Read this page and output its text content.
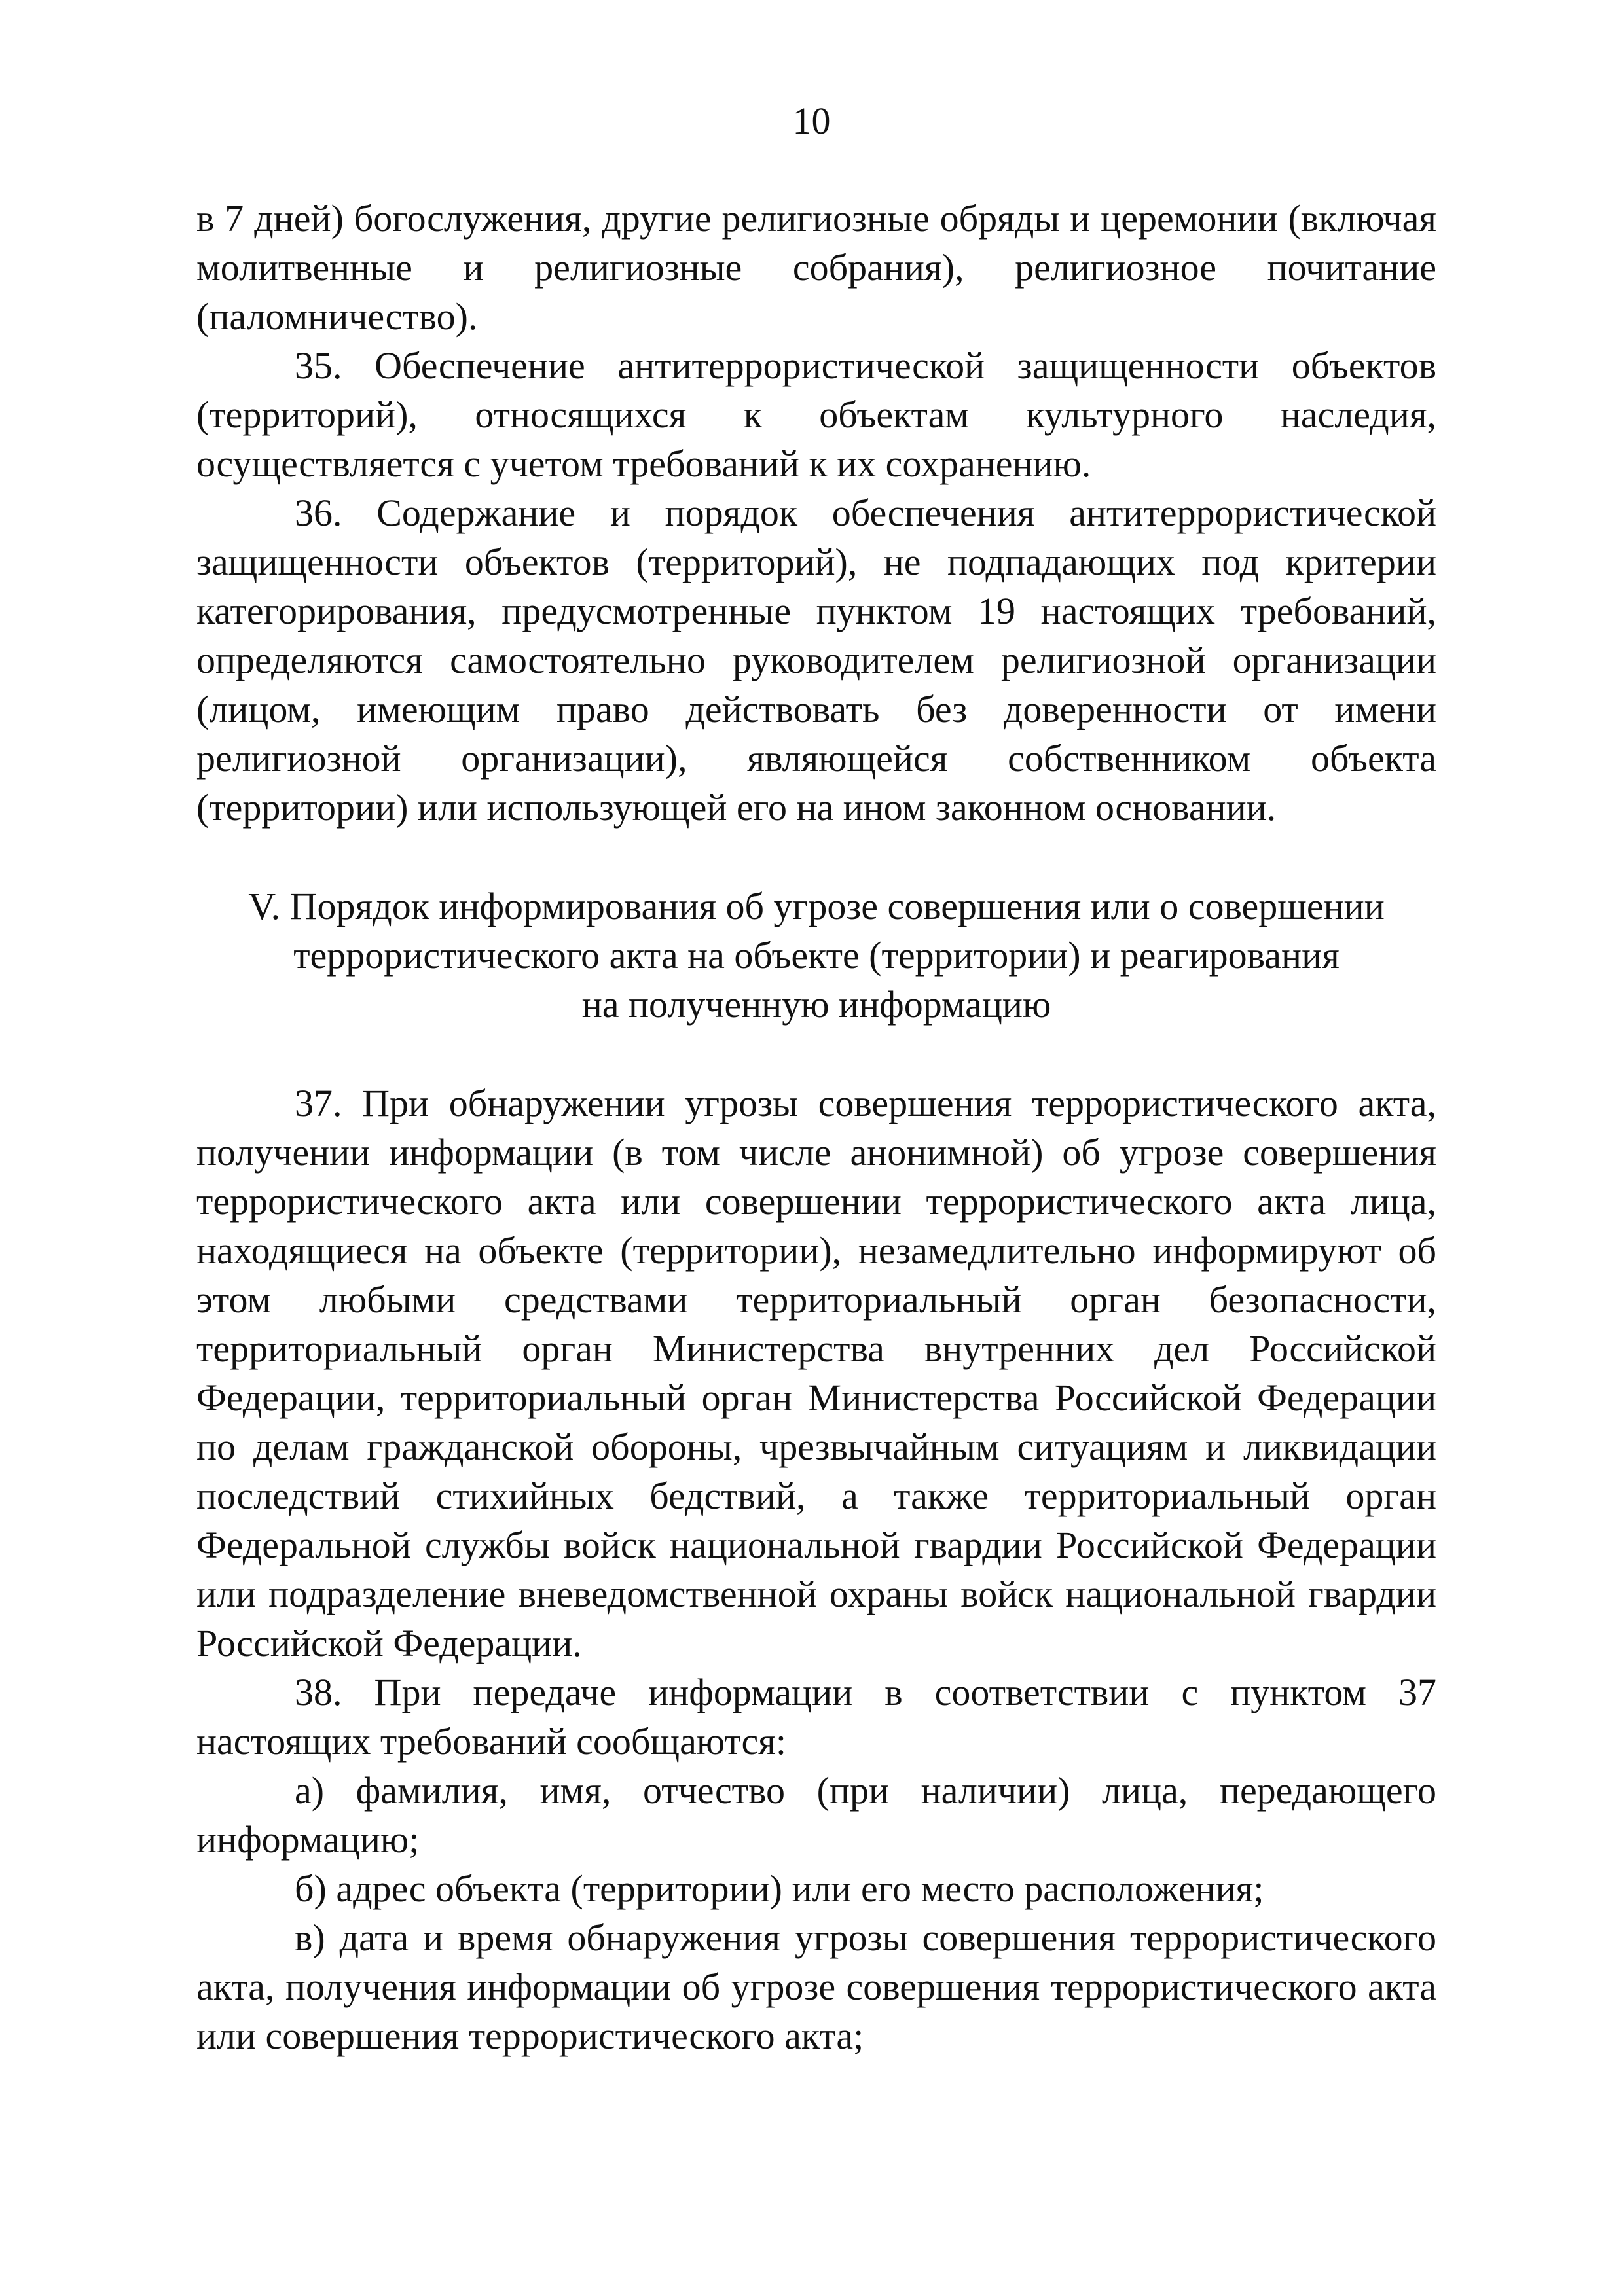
10

в 7 дней) богослужения, другие религиозные обряды и церемонии (включая молитвенные и религиозные собрания), религиозное почитание (паломничество).

35. Обеспечение антитеррористической защищенности объектов (территорий), относящихся к объектам культурного наследия, осуществляется с учетом требований к их сохранению.

36. Содержание и порядок обеспечения антитеррористической защищенности объектов (территорий), не подпадающих под критерии категорирования, предусмотренные пунктом 19 настоящих требований, определяются самостоятельно руководителем религиозной организации (лицом, имеющим право действовать без доверенности от имени религиозной организации), являющейся собственником объекта (территории) или использующей его на ином законном основании.

V. Порядок информирования об угрозе совершения или о совершении
террористического акта на объекте (территории) и реагирования
на полученную информацию

37. При обнаружении угрозы совершения террористического акта, получении информации (в том числе анонимной) об угрозе совершения террористического акта или совершении террористического акта лица, находящиеся на объекте (территории), незамедлительно информируют об этом любыми средствами территориальный орган безопасности, территориальный орган Министерства внутренних дел Российской Федерации, территориальный орган Министерства Российской Федерации по делам гражданской обороны, чрезвычайным ситуациям и ликвидации последствий стихийных бедствий, а также территориальный орган Федеральной службы войск национальной гвардии Российской Федерации или подразделение вневедомственной охраны войск национальной гвардии Российской Федерации.

38. При передаче информации в соответствии с пунктом 37 настоящих требований сообщаются:

а) фамилия, имя, отчество (при наличии) лица, передающего информацию;

б) адрес объекта (территории) или его место расположения;

в) дата и время обнаружения угрозы совершения террористического акта, получения информации об угрозе совершения террористического акта или совершения террористического акта;
